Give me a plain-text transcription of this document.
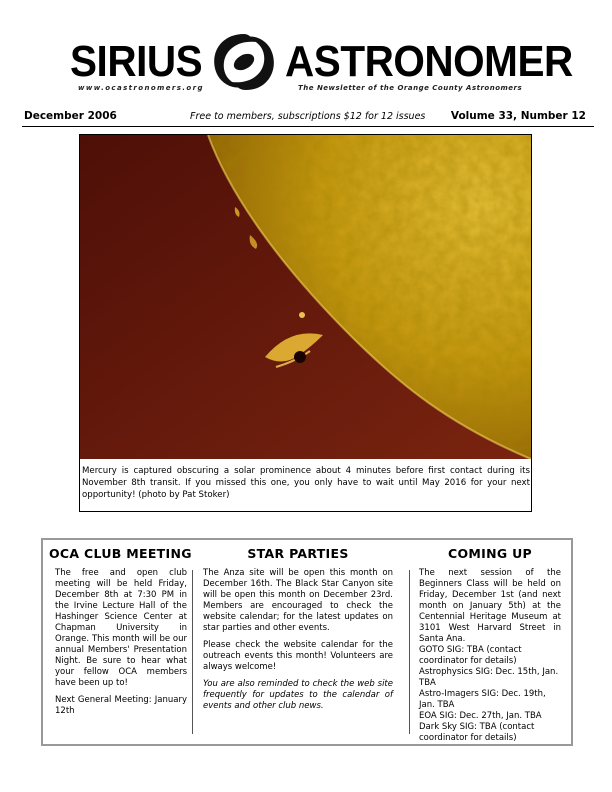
SIRIUS ASTRONOMER
www.ocastronomers.org	The Newsletter of the Orange County Astronomers
December 2006	Free to members, subscriptions $12 for 12 issues Volume 33, Number 12
Mercury is captured obscuring a solar prominence about 4 minutes before first contact during its November 8th transit. If you missed this one, you only have to wait until May 2016 for your next opportunity! (photo by Pat Stoker)
OCA CLUB MEETING

The free and open club meeting will be held Friday, December 8th at 7:30 PM in the Irvine Lecture Hall of the Hashinger Science Center at Chapman University in Orange. This month will be our annual Members' Presentation Night. Be sure to hear what your fellow OCA members have been up to!

Next General Meeting: January 12th

STAR PARTIES

The Anza site will be open this month on December 16th. The Black Star Canyon site will be open this month on December 23rd. Members are encouraged to check the website calendar; for the latest updates on star parties and other events.

Please check the website calendar for the outreach events this month! Volunteers are always welcome!

You are also reminded to check the web site frequently for updates to the calendar of events and other club news.

COMING UP

The next session of the Beginners Class will be held on Friday, December 1st (and next month on January 5th) at the Centennial Heritage Museum at 3101 West Harvard Street in Santa Ana.

GOTO SIG: TBA (contact coordinator for details)

Astrophysics SIG: Dec. 15th, Jan. TBA

Astro-Imagers SIG: Dec. 19th, Jan. TBA

EOA SIG: Dec. 27th, Jan. TBA

Dark Sky SIG: TBA (contact coordinator for details)
